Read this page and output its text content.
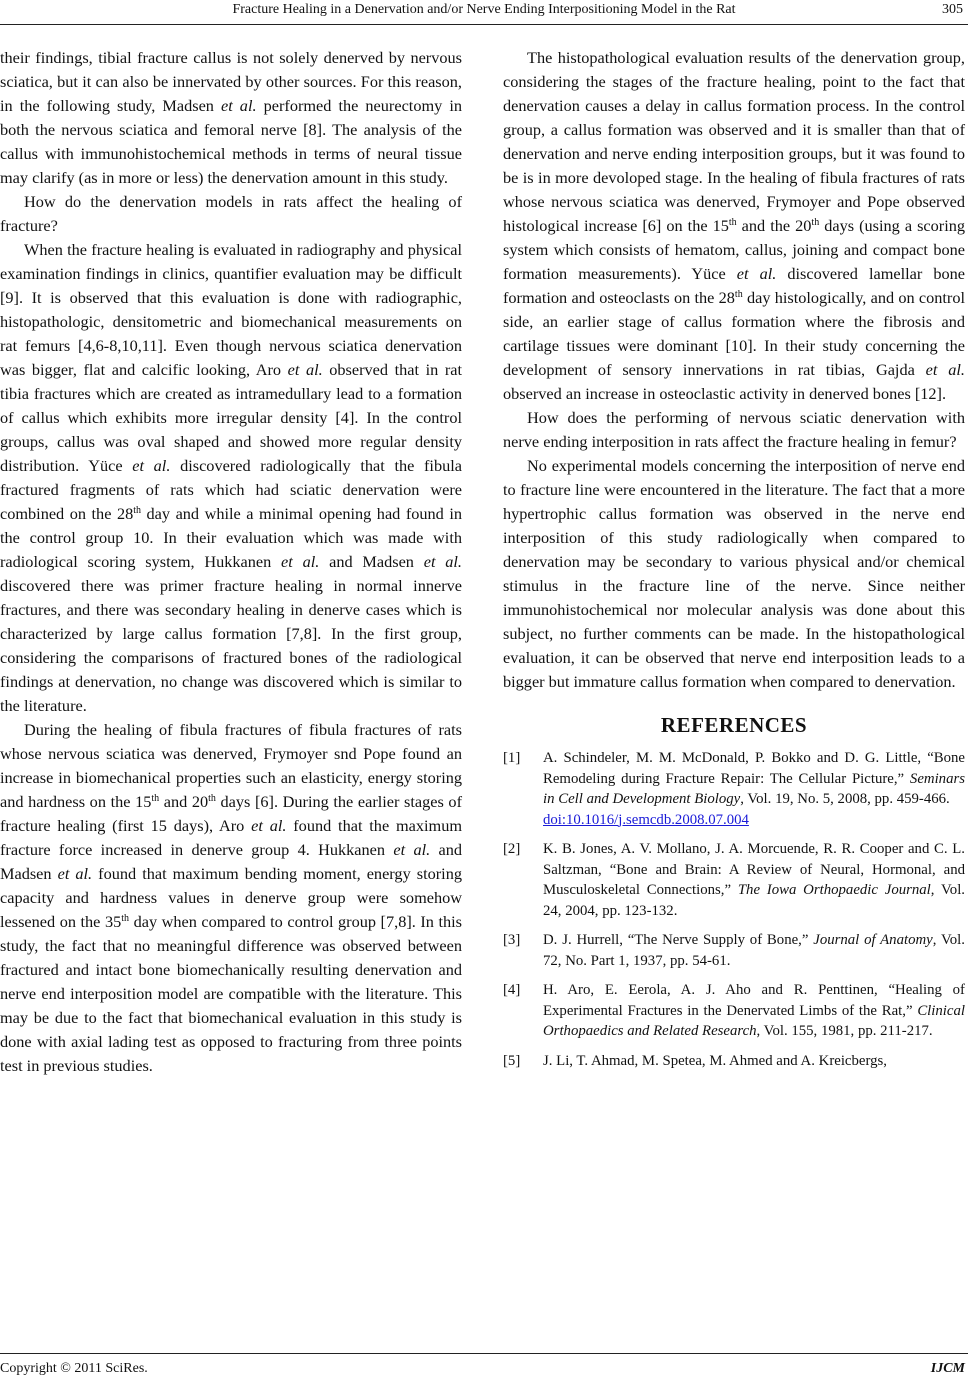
Fracture Healing in a Denervation and/or Nerve Ending Interpositioning Model in the Rat	305

their findings, tibial fracture callus is not solely denerved by nervous sciatica, but it can also be innervated by other sources. For this reason, in the following study, Madsen et al. performed the neurectomy in both the nervous sciatica and femoral nerve [8]. The analysis of the callus with immunohistochemical methods in terms of neural tissue may clarify (as in more or less) the denervation amount in this study.

How do the denervation models in rats affect the healing of fracture?

When the fracture healing is evaluated in radiography and physical examination findings in clinics, quantifier evaluation may be difficult [9]. It is observed that this evaluation is done with radiographic, histopathologic, densitometric and biomechanical measurements on rat femurs [4,6-8,10,11]. Even though nervous sciatica denervation was bigger, flat and calcific looking, Aro et al. observed that in rat tibia fractures which are created as intramedullary lead to a formation of callus which exhibits more irregular density [4]. In the control groups, callus was oval shaped and showed more regular density distribution. Yüce et al. discovered radiologically that the fibula fractured fragments of rats which had sciatic denervation were combined on the 28th day and while a minimal opening had found in the control group 10. In their evaluation which was made with radiological scoring system, Hukkanen et al. and Madsen et al. discovered there was primer fracture healing in normal innerve fractures, and there was secondary healing in denerve cases which is characterized by large callus formation [7,8]. In the first group, considering the comparisons of fractured bones of the radiological findings at denervation, no change was discovered which is similar to the literature.

During the healing of fibula fractures of fibula fractures of rats whose nervous sciatica was denerved, Frymoyer snd Pope found an increase in biomechanical properties such an elasticity, energy storing and hardness on the 15th and 20th days [6]. During the earlier stages of fracture healing (first 15 days), Aro et al. found that the maximum fracture force increased in denerve group 4. Hukkanen et al. and Madsen et al. found that maximum bending moment, energy storing capacity and hardness values in denerve group were somehow lessened on the 35th day when compared to control group [7,8]. In this study, the fact that no meaningful difference was observed between fractured and intact bone biomechanically resulting denervation and nerve end interposition model are compatible with the literature. This may be due to the fact that biomechanical evaluation in this study is done with axial lading test as opposed to fracturing from three points test in previous studies.

The histopathological evaluation results of the denervation group, considering the stages of the fracture healing, point to the fact that denervation causes a delay in callus formation process. In the control group, a callus formation was observed and it is smaller than that of denervation and nerve ending interposition groups, but it was found to be is in more devoloped stage. In the healing of fibula fractures of rats whose nervous sciatica was denerved, Frymoyer and Pope observed histological increase [6] on the 15th and the 20th days (using a scoring system which consists of hematom, callus, joining and compact bone formation measurements). Yüce et al. discovered lamellar bone formation and osteoclasts on the 28th day histologically, and on control side, an earlier stage of callus formation where the fibrosis and cartilage tissues were dominant [10]. In their study concerning the development of sensory innervations in rat tibias, Gajda et al. observed an increase in osteoclastic activity in denerved bones [12].

How does the performing of nervous sciatic denervation with nerve ending interposition in rats affect the fracture healing in femur?

No experimental models concerning the interposition of nerve end to fracture line were encountered in the literature. The fact that a more hypertrophic callus formation was observed in the nerve end interposition of this study radiologically when compared to denervation may be secondary to various physical and/or chemical stimulus in the fracture line of the nerve. Since neither immunohistochemical nor molecular analysis was done about this subject, no further comments can be made. In the histopathological evaluation, it can be observed that nerve end interposition leads to a bigger but immature callus formation when compared to denervation.

REFERENCES
[1]	A. Schindeler, M. M. McDonald, P. Bokko and D. G. Little, “Bone Remodeling during Fracture Repair: The Cellular Picture,” Seminars in Cell and Development Biology, Vol. 19, No. 5, 2008, pp. 459-466.
doi:10.1016/j.semcdb.2008.07.004
[2]	K. B. Jones, A. V. Mollano, J. A. Morcuende, R. R. Cooper and C. L. Saltzman, “Bone and Brain: A Review of Neural, Hormonal, and Musculoskeletal Connections,” The Iowa Orthopaedic Journal, Vol. 24, 2004, pp. 123-132.
[3]	D. J. Hurrell, “The Nerve Supply of Bone,” Journal of Anatomy, Vol. 72, No. Part 1, 1937, pp. 54-61.
[4]	H. Aro, E. Eerola, A. J. Aho and R. Penttinen, “Healing of Experimental Fractures in the Denervated Limbs of the Rat,” Clinical Orthopaedics and Related Research, Vol. 155, 1981, pp. 211-217.
[5]	J. Li, T. Ahmad, M. Spetea, M. Ahmed and A. Kreicbergs,
Copyright © 2011 SciRes.	IJCM
